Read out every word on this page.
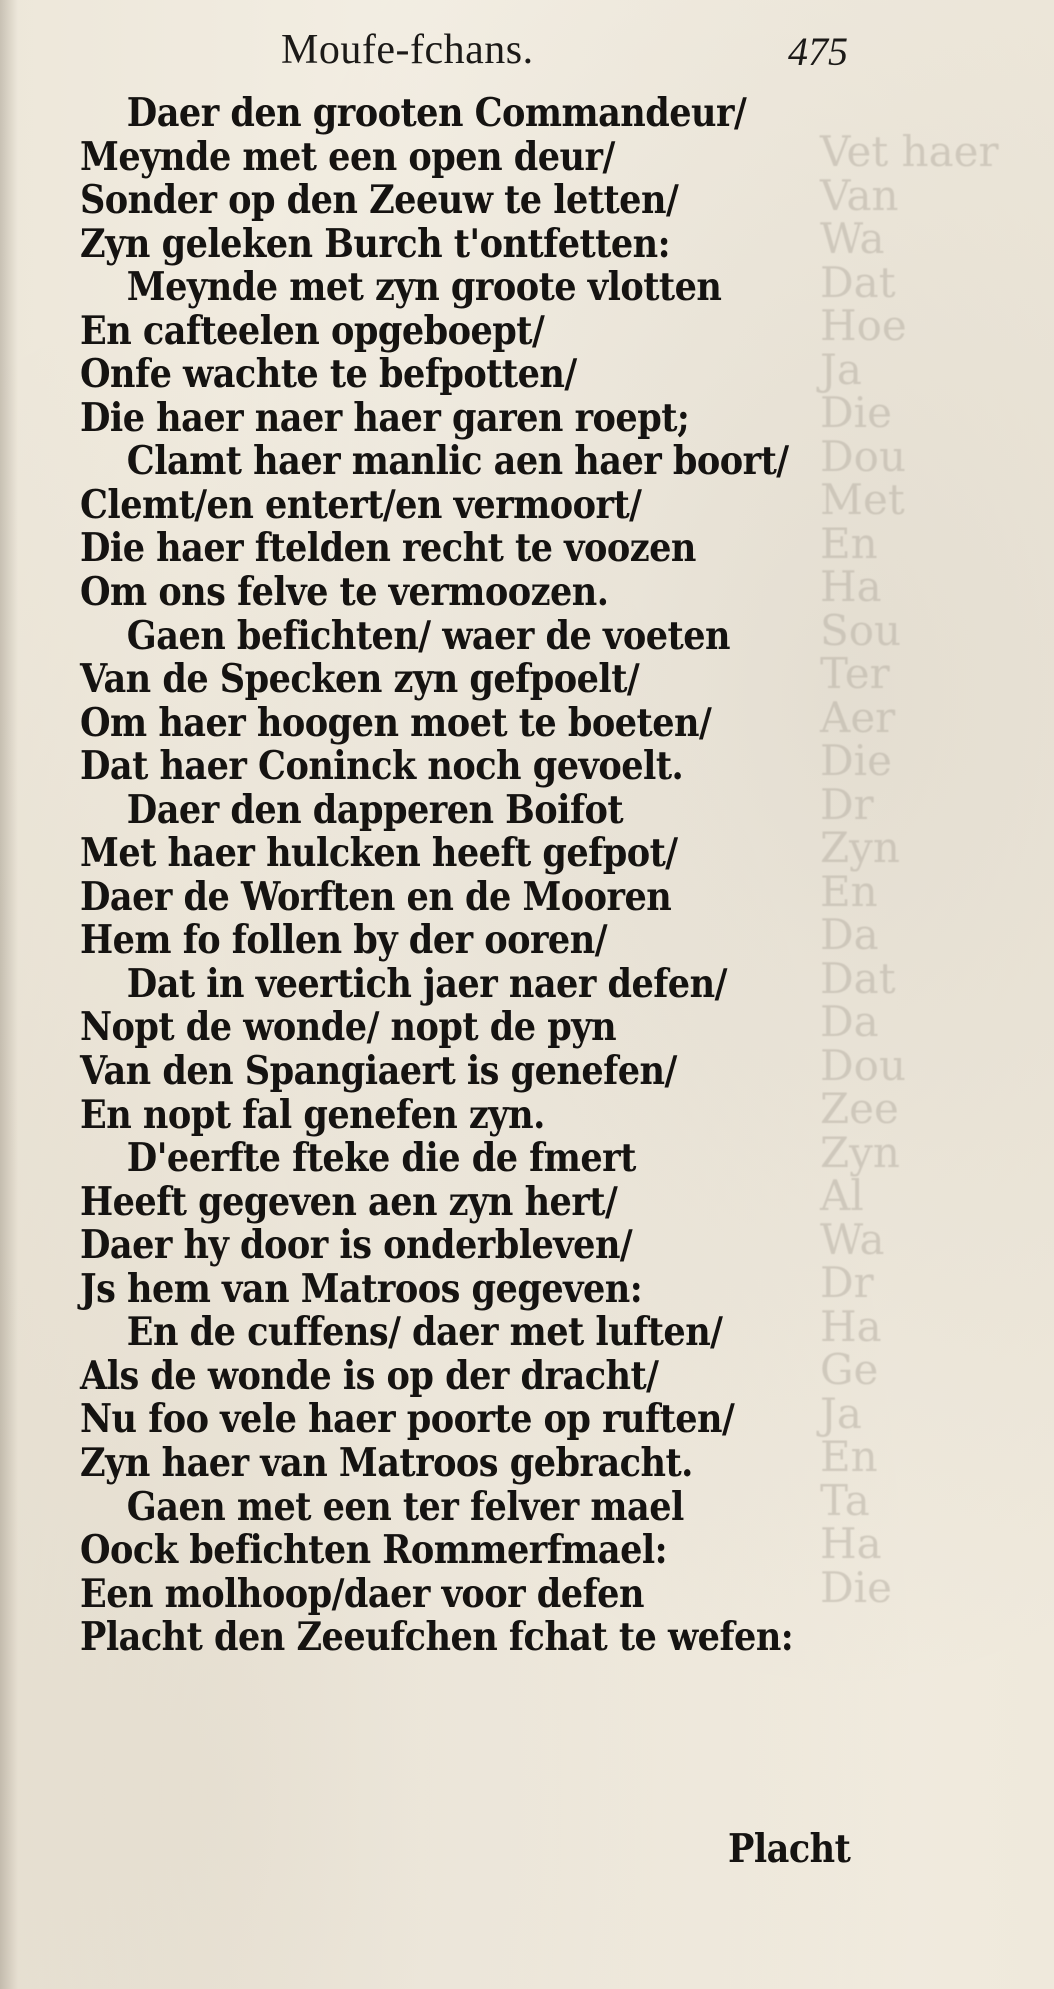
Vet haer
Van
Wa
Dat
Hoe
Ja
Die
Dou
Met
En
Ha
Sou
Ter
Aer
Die
Dr
Zyn
En
Da
Dat
Da
Dou
Zee
Zyn
Al
Wa
Dr
Ha
Ge
Ja
En
Ta
Ha
Die
Moufe-fchans.	475
Daer den grooten Commandeur/
Meynde met een open deur/
Sonder op den Zeeuw te letten/
Zyn geleken Burch t'ontfetten:
Meynde met zyn groote vlotten
En cafteelen opgeboept/
Onfe wachte te befpotten/
Die haer naer haer garen roept;
Clamt haer manlic aen haer boort/
Clemt/en entert/en vermoort/
Die haer ftelden recht te voozen
Om ons felve te vermoozen.
Gaen befichten/ waer de voeten
Van de Specken zyn gefpoelt/
Om haer hoogen moet te boeten/
Dat haer Coninck noch gevoelt.
Daer den dapperen Boifot
Met haer hulcken heeft gefpot/
Daer de Worften en de Mooren
Hem fo follen by der ooren/
Dat in veertich jaer naer defen/
Nopt de wonde/ nopt de pyn
Van den Spangiaert is genefen/
En nopt fal genefen zyn.
D'eerfte fteke die de fmert
Heeft gegeven aen zyn hert/
Daer hy door is onderbleven/
Js hem van Matroos gegeven:
En de cuffens/ daer met luften/
Als de wonde is op der dracht/
Nu foo vele haer poorte op ruften/
Zyn haer van Matroos gebracht.
Gaen met een ter felver mael
Oock befichten Rommerfmael:
Een molhoop/daer voor defen
Placht den Zeeufchen fchat te wefen:
Placht
